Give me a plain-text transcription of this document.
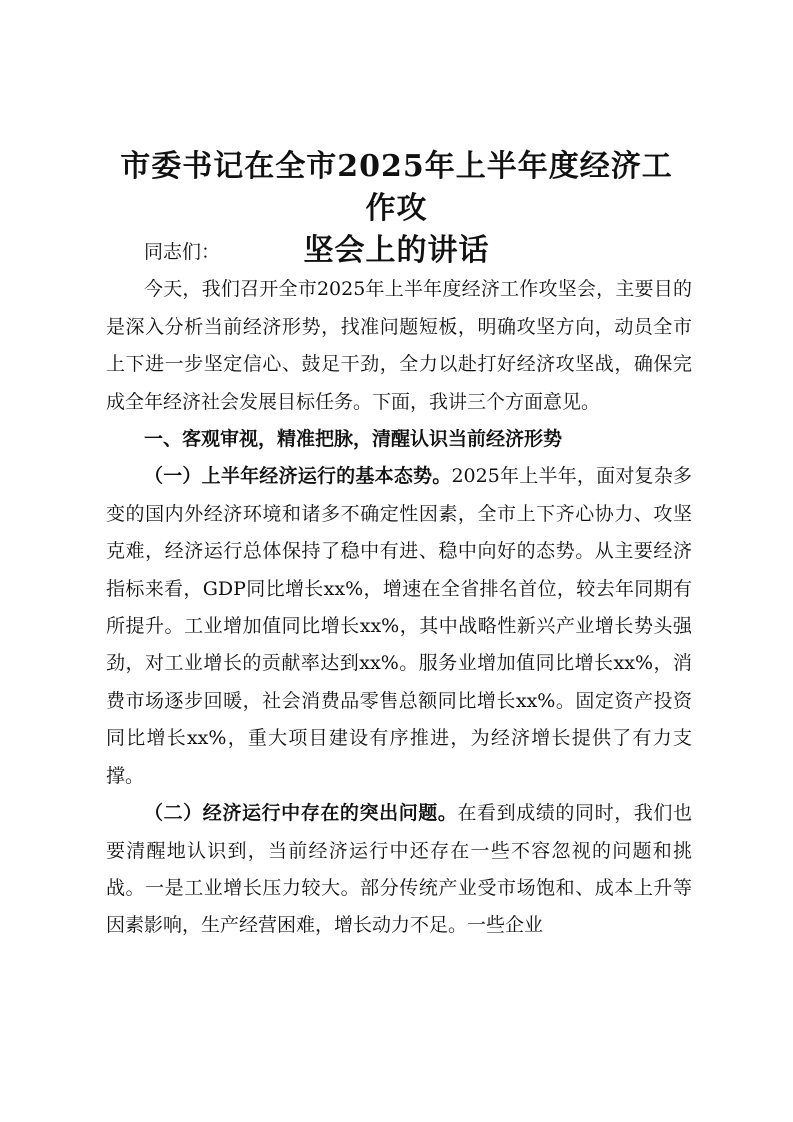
市委书记在全市2025年上半年度经济工作攻
坚会上的讲话

同志们：

今天，我们召开全市2025年上半年度经济工作攻坚会，主要目的是深入分析当前经济形势，找准问题短板，明确攻坚方向，动员全市上下进一步坚定信心、鼓足干劲，全力以赴打好经济攻坚战，确保完成全年经济社会发展目标任务。下面，我讲三个方面意见。

一、客观审视，精准把脉，清醒认识当前经济形势

（一）上半年经济运行的基本态势。2025年上半年，面对复杂多变的国内外经济环境和诸多不确定性因素，全市上下齐心协力、攻坚克难，经济运行总体保持了稳中有进、稳中向好的态势。从主要经济指标来看，GDP同比增长xx%，增速在全省排名首位，较去年同期有所提升。工业增加值同比增长xx%，其中战略性新兴产业增长势头强劲，对工业增长的贡献率达到xx%。服务业增加值同比增长xx%，消费市场逐步回暖，社会消费品零售总额同比增长xx%。固定资产投资同比增长xx%，重大项目建设有序推进，为经济增长提供了有力支撑。

（二）经济运行中存在的突出问题。在看到成绩的同时，我们也要清醒地认识到，当前经济运行中还存在一些不容忽视的问题和挑战。一是工业增长压力较大。部分传统产业受市场饱和、成本上升等因素影响，生产经营困难，增长动力不足。一些企业
